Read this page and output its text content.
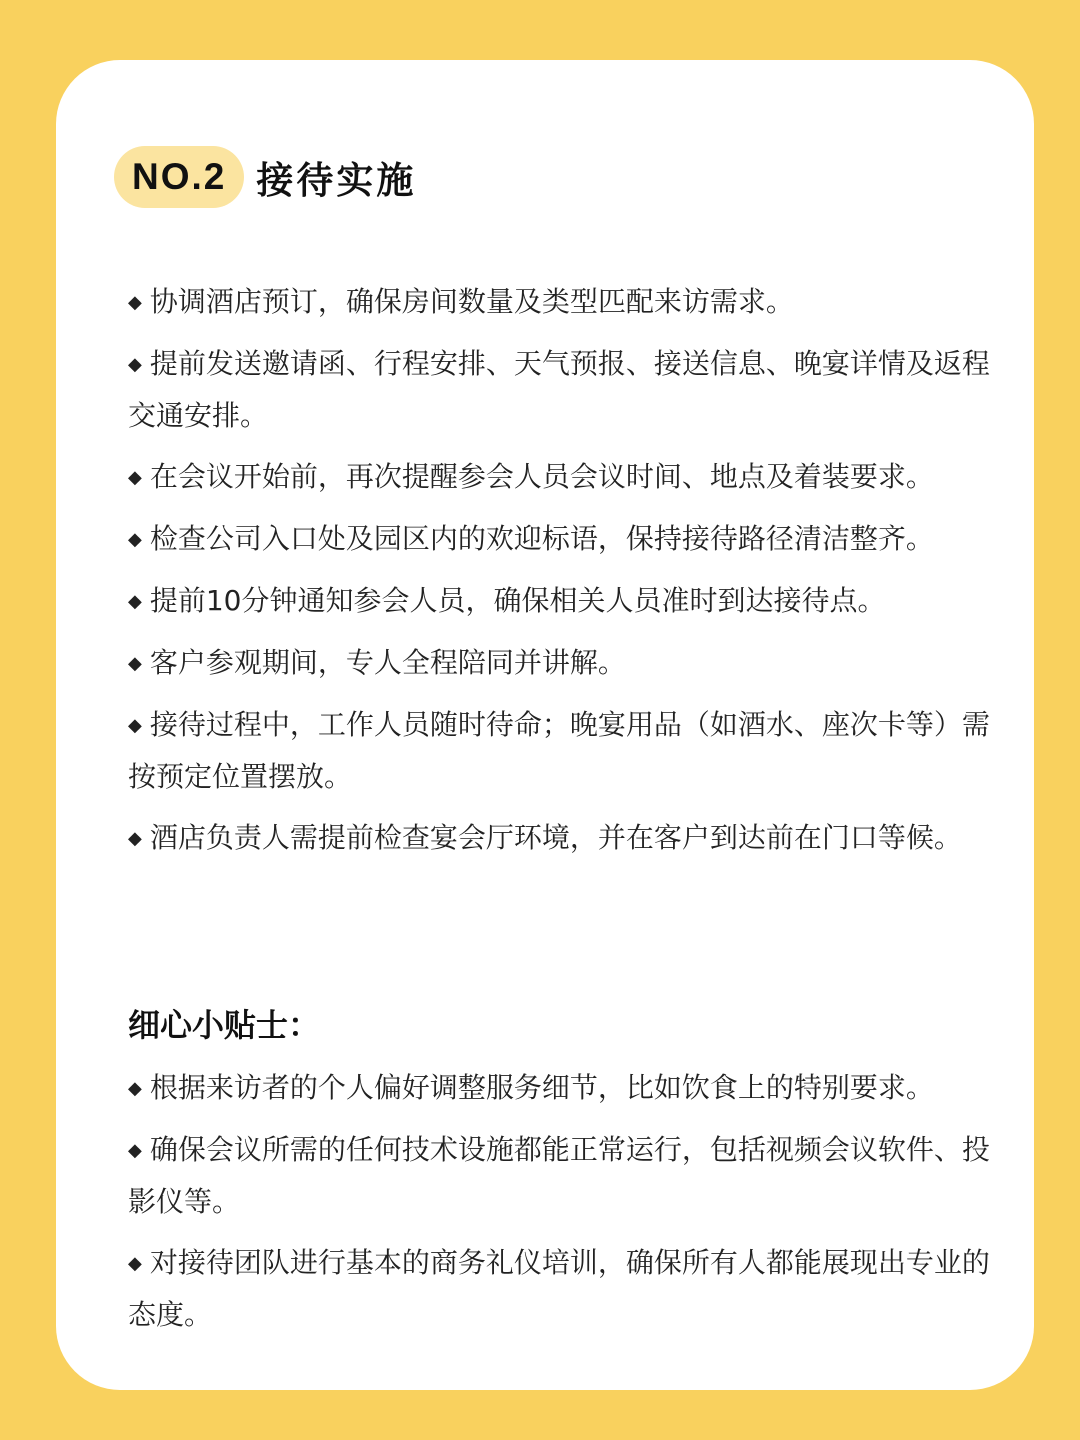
NO.2 接待实施
◆ 协调酒店预订，确保房间数量及类型匹配来访需求。
◆ 提前发送邀请函、行程安排、天气预报、接送信息、晚宴详情及返程交通安排。
◆ 在会议开始前，再次提醒参会人员会议时间、地点及着装要求。
◆ 检查公司入口处及园区内的欢迎标语，保持接待路径清洁整齐。
◆ 提前10分钟通知参会人员，确保相关人员准时到达接待点。
◆ 客户参观期间，专人全程陪同并讲解。
◆ 接待过程中，工作人员随时待命；晚宴用品（如酒水、座次卡等）需按预定位置摆放。
◆ 酒店负责人需提前检查宴会厅环境，并在客户到达前在门口等候。
细心小贴士：
◆ 根据来访者的个人偏好调整服务细节，比如饮食上的特别要求。
◆ 确保会议所需的任何技术设施都能正常运行，包括视频会议软件、投影仪等。
◆ 对接待团队进行基本的商务礼仪培训，确保所有人都能展现出专业的态度。
